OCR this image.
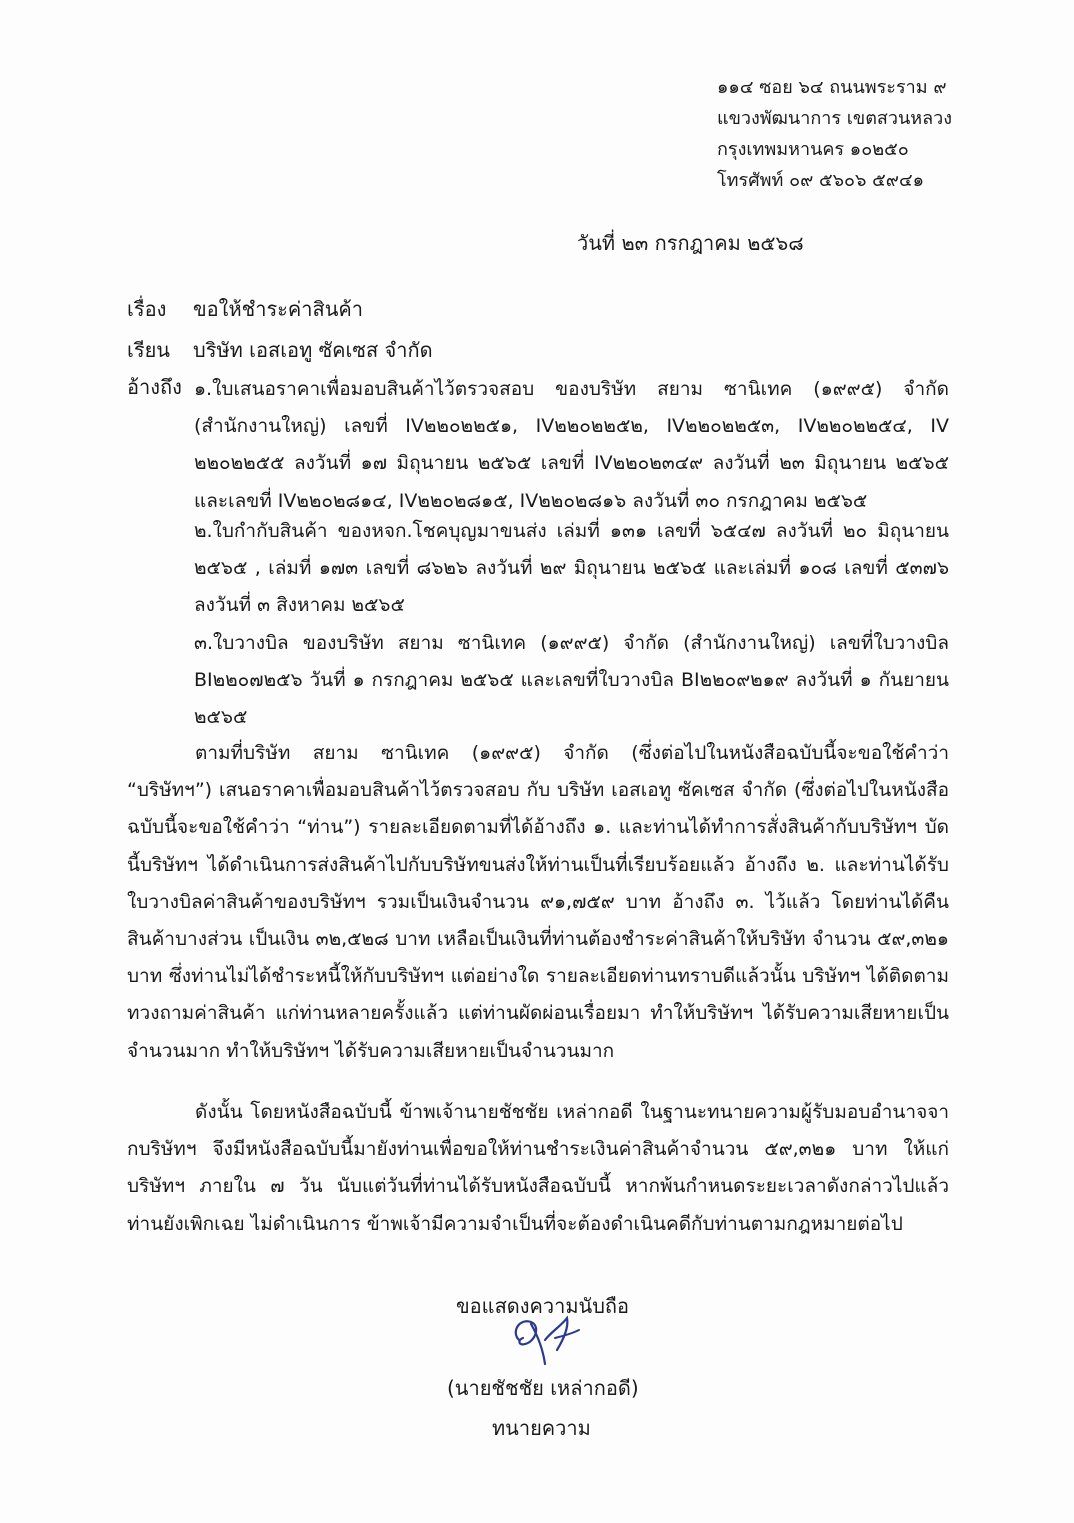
๑๑๔ ซอย ๖๔ ถนนพระราม ๙
แขวงพัฒนาการ เขตสวนหลวง
กรุงเทพมหานคร ๑๐๒๕๐
โทรศัพท์ ๐๙ ๕๖๐๖ ๕๙๔๑
วันที่ ๒๓ กรกฎาคม ๒๕๖๘
เรื่อง ขอให้ชำระค่าสินค้า
เรียน บริษัท เอสเอทู ซัคเซส จำกัด
อ้างถึง ๑.ใบเสนอราคาเพื่อมอบสินค้าไว้ตรวจสอบ ของบริษัท สยาม ซานิเทค (๑๙๙๕) จำกัด (สำนักงานใหญ่) เลขที่ IV๒๒๐๒๒๕๑, IV๒๒๐๒๒๕๒, IV๒๒๐๒๒๕๓, IV๒๒๐๒๒๕๔, IV ๒๒๐๒๒๕๕ ลงวันที่ ๑๗ มิถุนายน ๒๕๖๕ เลขที่ IV๒๒๐๒๓๔๙ ลงวันที่ ๒๓ มิถุนายน ๒๕๖๕ และเลขที่ IV๒๒๐๒๘๑๔, IV๒๒๐๒๘๑๕, IV๒๒๐๒๘๑๖ ลงวันที่ ๓๐ กรกฎาคม ๒๕๖๕
๒.ใบกำกับสินค้า ของหจก.โชคบุญมาขนส่ง เล่มที่ ๑๓๑ เลขที่ ๖๕๔๗ ลงวันที่ ๒๐ มิถุนายน ๒๕๖๕ , เล่มที่ ๑๗๓ เลขที่ ๘๖๒๖ ลงวันที่ ๒๙ มิถุนายน ๒๕๖๕ และเล่มที่ ๑๐๘ เลขที่ ๕๓๗๖ ลงวันที่ ๓ สิงหาคม ๒๕๖๕
๓.ใบวางบิล ของบริษัท สยาม ซานิเทค (๑๙๙๕) จำกัด (สำนักงานใหญ่) เลขที่ใบวางบิล BI๒๒๐๗๒๕๖ วันที่ ๑ กรกฎาคม ๒๕๖๕ และเลขที่ใบวางบิล BI๒๒๐๙๒๑๙ ลงวันที่ ๑ กันยายน ๒๕๖๕
ตามที่บริษัท สยาม ซานิเทค (๑๙๙๕) จำกัด (ซึ่งต่อไปในหนังสือฉบับนี้จะขอใช้คำว่า “บริษัทฯ”) เสนอราคาเพื่อมอบสินค้าไว้ตรวจสอบ กับ บริษัท เอสเอทู ซัคเซส จำกัด (ซึ่งต่อไปในหนังสือฉบับนี้จะขอใช้คำว่า “ท่าน”) รายละเอียดตามที่ได้อ้างถึง ๑. และท่านได้ทำการสั่งสินค้ากับบริษัทฯ บัดนี้บริษัทฯ ได้ดำเนินการส่งสินค้าไปกับบริษัทขนส่งให้ท่านเป็นที่เรียบร้อยแล้ว อ้างถึง ๒. และท่านได้รับใบวางบิลค่าสินค้าของบริษัทฯ รวมเป็นเงินจำนวน ๙๑,๗๕๙ บาท อ้างถึง ๓. ไว้แล้ว โดยท่านได้คืนสินค้าบางส่วน เป็นเงิน ๓๒,๕๒๘ บาท เหลือเป็นเงินที่ท่านต้องชำระค่าสินค้าให้บริษัท จำนวน ๕๙,๓๒๑ บาท ซึ่งท่านไม่ได้ชำระหนี้ให้กับบริษัทฯ แต่อย่างใด รายละเอียดท่านทราบดีแล้วนั้น บริษัทฯ ได้ติดตามทวงถามค่าสินค้า แก่ท่านหลายครั้งแล้ว แต่ท่านผัดผ่อนเรื่อยมา ทำให้บริษัทฯ ได้รับความเสียหายเป็นจำนวนมาก ทำให้บริษัทฯ ได้รับความเสียหายเป็นจำนวนมาก
ดังนั้น โดยหนังสือฉบับนี้ ข้าพเจ้านายชัชชัย เหล่ากอดี ในฐานะทนายความผู้รับมอบอำนาจจากบริษัทฯ จึงมีหนังสือฉบับนี้มายังท่านเพื่อขอให้ท่านชำระเงินค่าสินค้าจำนวน ๕๙,๓๒๑ บาท ให้แก่บริษัทฯ ภายใน ๗ วัน นับแต่วันที่ท่านได้รับหนังสือฉบับนี้ หากพ้นกำหนดระยะเวลาดังกล่าวไปแล้ว ท่านยังเพิกเฉย ไม่ดำเนินการ ข้าพเจ้ามีความจำเป็นที่จะต้องดำเนินคดีกับท่านตามกฎหมายต่อไป
ขอแสดงความนับถือ
(นายชัชชัย เหล่ากอดี)
ทนายความ
